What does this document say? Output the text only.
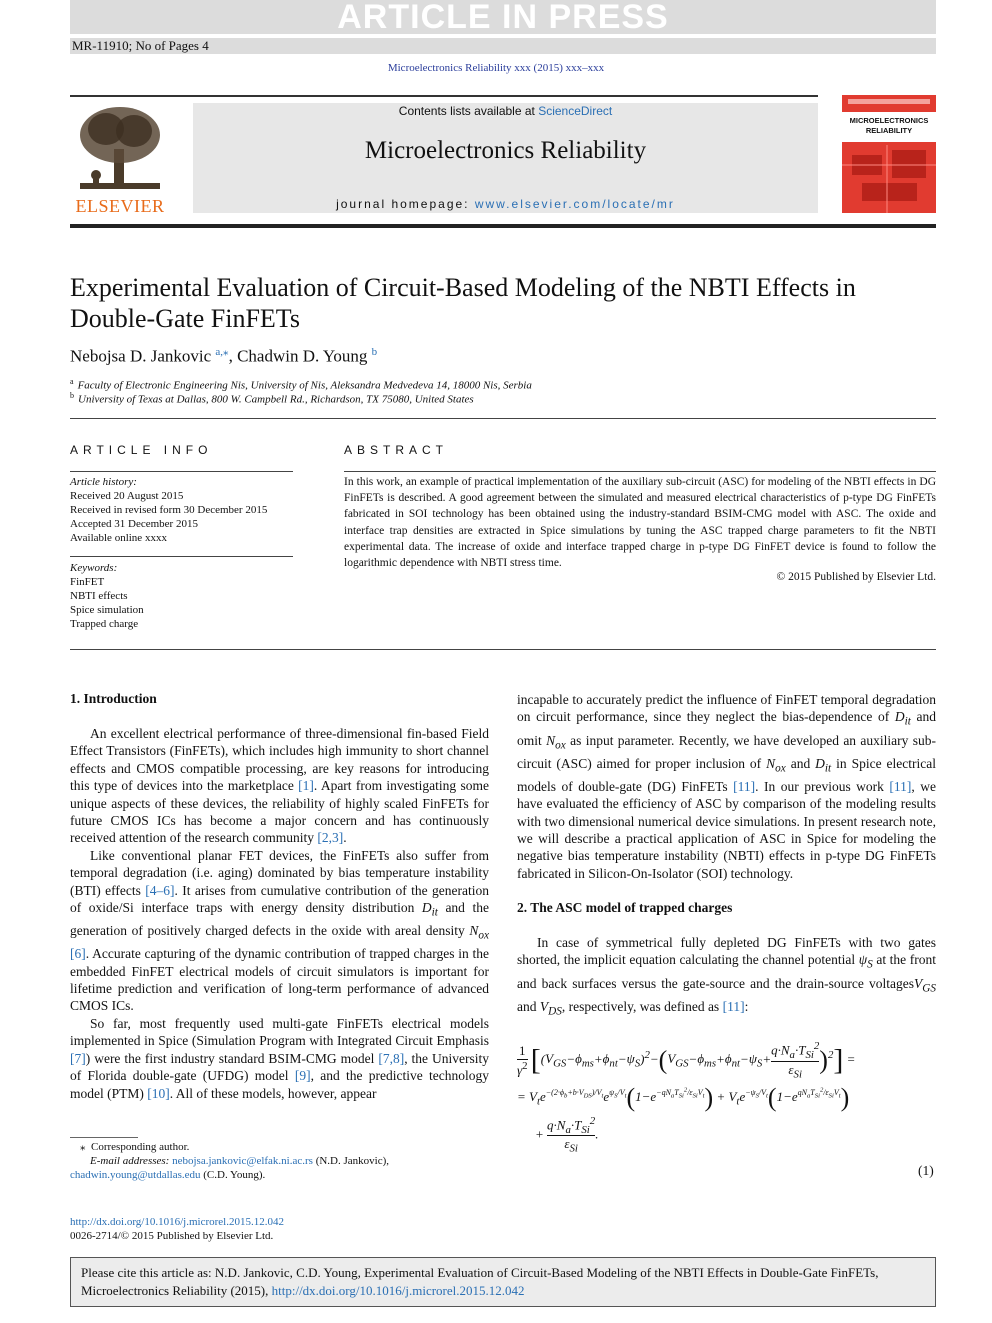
ARTICLE IN PRESS
MR-11910; No of Pages 4
Microelectronics Reliability xxx (2015) xxx–xxx
ELSEVIER
Contents lists available at ScienceDirect
Microelectronics Reliability
journal homepage: www.elsevier.com/locate/mr
MICROELECTRONICS
RELIABILITY
Experimental Evaluation of Circuit-Based Modeling of the NBTI Effects in Double-Gate FinFETs
Nebojsa D. Jankovic $^{a,⁎}$, Chadwin D. Young $^b$
$^a$ Faculty of Electronic Engineering Nis, University of Nis, Aleksandra Medvedeva 14, 18000 Nis, Serbia
$^b$ University of Texas at Dallas, 800 W. Campbell Rd., Richardson, TX 75080, United States
ARTICLE INFO
Article history:
Received 20 August 2015
Received in revised form 30 December 2015
Accepted 31 December 2015
Available online xxxx
Keywords:
FinFET
NBTI effects
Spice simulation
Trapped charge
ABSTRACT
In this work, an example of practical implementation of the auxiliary sub-circuit (ASC) for modeling of the NBTI effects in DG FinFETs is described. A good agreement between the simulated and measured electrical characteristics of p-type DG FinFETs fabricated in SOI technology has been obtained using the industry-standard BSIM-CMG model with ASC. The oxide and interface trap densities are extracted in Spice simulations by tuning the ASC trapped charge parameters to fit the NBTI experimental data. The increase of oxide and interface trapped charge in p-type DG FinFET device is found to follow the logarithmic dependence with NBTI stress time.
© 2015 Published by Elsevier Ltd.
1. Introduction

An excellent electrical performance of three-dimensional fin-based Field Effect Transistors (FinFETs), which includes high immunity to short channel effects and CMOS compatible processing, are key reasons for introducing this type of devices into the marketplace [1]. Apart from investigating some unique aspects of these devices, the reliability of highly scaled FinFETs for future CMOS ICs has become a major concern and has continuously received attention of the research community [2,3].

Like conventional planar FET devices, the FinFETs also suffer from temporal degradation (i.e. aging) dominated by bias temperature instability (BTI) effects [4–6]. It arises from cumulative contribution of the generation of oxide/Si interface traps with energy density distribution $D_{it}$ and the generation of positively charged defects in the oxide with areal density $N_{ox}$ [6]. Accurate capturing of the dynamic contribution of trapped charges in the embedded FinFET electrical models of circuit simulators is important for lifetime prediction and verification of long-term performance of advanced CMOS ICs.

So far, most frequently used multi-gate FinFETs electrical models implemented in Spice (Simulation Program with Integrated Circuit Emphasis [7]) were the first industry standard BSIM-CMG model [7,8], the University of Florida double-gate (UFDG) model [9], and the predictive technology model (PTM) [10]. All of these models, however, appear

⁎  Corresponding author.
E-mail addresses: nebojsa.jankovic@elfak.ni.ac.rs (N.D. Jankovic),
chadwin.young@utdallas.edu (C.D. Young).
http://dx.doi.org/10.1016/j.microrel.2015.12.042
0026-2714/© 2015 Published by Elsevier Ltd.

incapable to accurately predict the influence of FinFET temporal degradation on circuit performance, since they neglect the bias-dependence of $D_{it}$ and omit $N_{ox}$ as input parameter. Recently, we have developed an auxiliary sub-circuit (ASC) aimed for proper inclusion of $N_{ox}$ and $D_{it}$ in Spice electrical models of double-gate (DG) FinFETs [11]. In our previous work [11], we have evaluated the efficiency of ASC by comparison of the modeling results with two dimensional numerical device simulations. In present research note, we will describe a practical application of ASC in Spice for modeling the negative bias temperature instability (NBTI) effects in p-type DG FinFETs fabricated in Silicon-On-Isolator (SOI) technology.

2. The ASC model of trapped charges

In case of symmetrical fully depleted DG FinFETs with two gates shorted, the implicit equation calculating the channel potential $\psi_S$ at the front and back surfaces versus the gate-source and the drain-source voltagesV$_{GS}$ and $V_{DS}$, respectively, was defined as [11]:

$\frac{1}{\gamma^2} [(V_{GS}-\phi_{ms}+\phi_{nt}-\psi_S)^2-(V_{GS}-\phi_{ms}+\phi_{nt}-\psi_S+$
$q\cdot N_a\cdot T_{Si}^2$
$\varepsilon_{Si}$
)$^2$] =
= $V_te^{-(2\cdot\phi_b+b\cdot V_{DS})/V_t}e^{\psi_S/V_t}(1-e^{-qN_aT_{Si}^2/\varepsilon_{Si}V_t}) + V_te^{-\psi_S/V_t}(1-e^{qN_aT_{Si}^2/\varepsilon_{Si}V_t})$
+
$q\cdot N_a\cdot T_{Si}^2$
$\varepsilon_{Si}$
.
(1)
Please cite this article as: N.D. Jankovic, C.D. Young, Experimental Evaluation of Circuit-Based Modeling of the NBTI Effects in Double-Gate FinFETs, Microelectronics Reliability (2015), http://dx.doi.org/10.1016/j.microrel.2015.12.042
